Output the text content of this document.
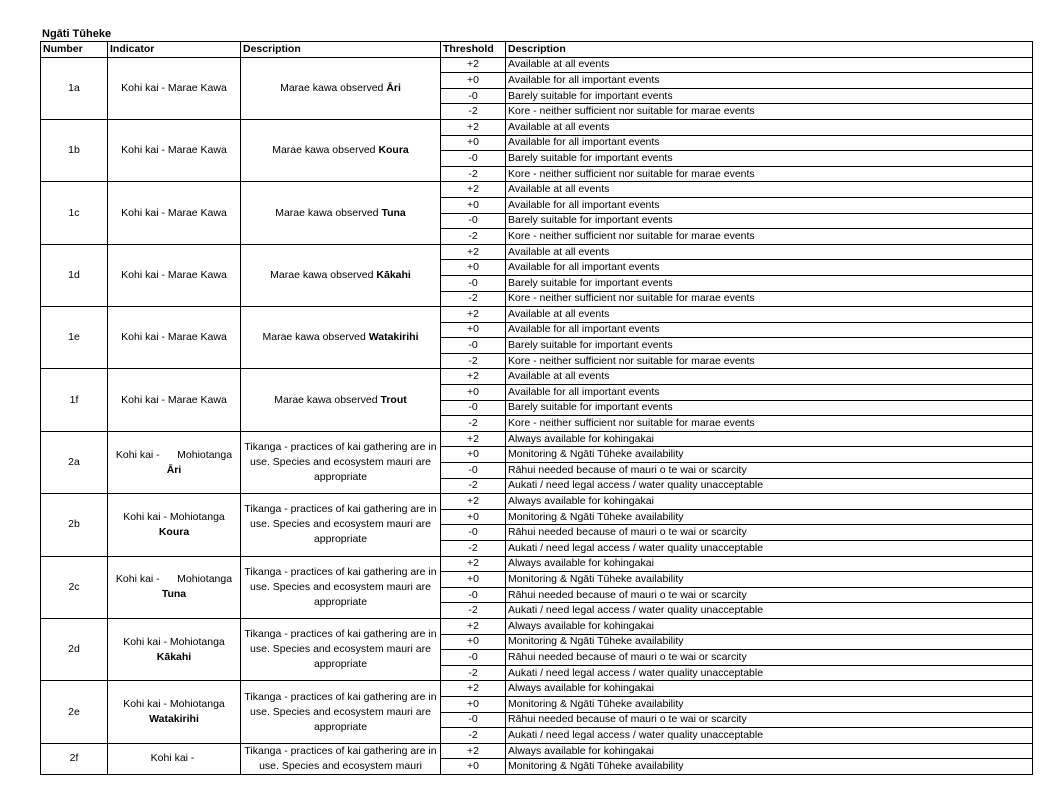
Ngāti Tūheke
Number	Indicator	Description	Threshold	Description
1a	Kohi kai - Marae Kawa	Marae kawa observed Āri	+2	Available at all events
			+0	Available for all important events
			-0	Barely suitable for important events
			-2	Kore - neither sufficient nor suitable for marae events
1b	Kohi kai - Marae Kawa	Marae kawa observed Koura	+2	Available at all events
			+0	Available for all important events
			-0	Barely suitable for important events
			-2	Kore - neither sufficient nor suitable for marae events
1c	Kohi kai - Marae Kawa	Marae kawa observed Tuna	+2	Available at all events
			+0	Available for all important events
			-0	Barely suitable for important events
			-2	Kore - neither sufficient nor suitable for marae events
1d	Kohi kai - Marae Kawa	Marae kawa observed Kākahi	+2	Available at all events
			+0	Available for all important events
			-0	Barely suitable for important events
			-2	Kore - neither sufficient nor suitable for marae events
1e	Kohi kai - Marae Kawa	Marae kawa observed Watakirihi	+2	Available at all events
			+0	Available for all important events
			-0	Barely suitable for important events
			-2	Kore - neither sufficient nor suitable for marae events
1f	Kohi kai - Marae Kawa	Marae kawa observed Trout	+2	Available at all events
			+0	Available for all important events
			-0	Barely suitable for important events
			-2	Kore - neither sufficient nor suitable for marae events
2a	Kohi kai -      Mohiotanga Āri	Tikanga - practices of kai gathering are in use. Species and ecosystem mauri are appropriate	+2	Always available for kohingakai
			+0	Monitoring & Ngāti Tūheke availability
			-0	Rāhui needed because of mauri o te wai or scarcity
			-2	Aukati / need legal access / water quality unacceptable
2b	Kohi kai - Mohiotanga Koura	Tikanga - practices of kai gathering are in use. Species and ecosystem mauri are appropriate	+2	Always available for kohingakai
			+0	Monitoring & Ngāti Tūheke availability
			-0	Rāhui needed because of mauri o te wai or scarcity
			-2	Aukati / need legal access / water quality unacceptable
2c	Kohi kai -      Mohiotanga Tuna	Tikanga - practices of kai gathering are in use. Species and ecosystem mauri are appropriate	+2	Always available for kohingakai
			+0	Monitoring & Ngāti Tūheke availability
			-0	Rāhui needed because of mauri o te wai or scarcity
			-2	Aukati / need legal access / water quality unacceptable
2d	Kohi kai - Mohiotanga Kākahi	Tikanga - practices of kai gathering are in use. Species and ecosystem mauri are appropriate	+2	Always available for kohingakai
			+0	Monitoring & Ngāti Tūheke availability
			-0	Rāhui needed because of mauri o te wai or scarcity
			-2	Aukati / need legal access / water quality unacceptable
2e	Kohi kai - Mohiotanga Watakirihi	Tikanga - practices of kai gathering are in use. Species and ecosystem mauri are appropriate	+2	Always available for kohingakai
			+0	Monitoring & Ngāti Tūheke availability
			-0	Rāhui needed because of mauri o te wai or scarcity
			-2	Aukati / need legal access / water quality unacceptable
2f	Kohi kai -	Tikanga - practices of kai gathering are in use. Species and ecosystem mauri	+2	Always available for kohingakai
			+0	Monitoring & Ngāti Tūheke availability
